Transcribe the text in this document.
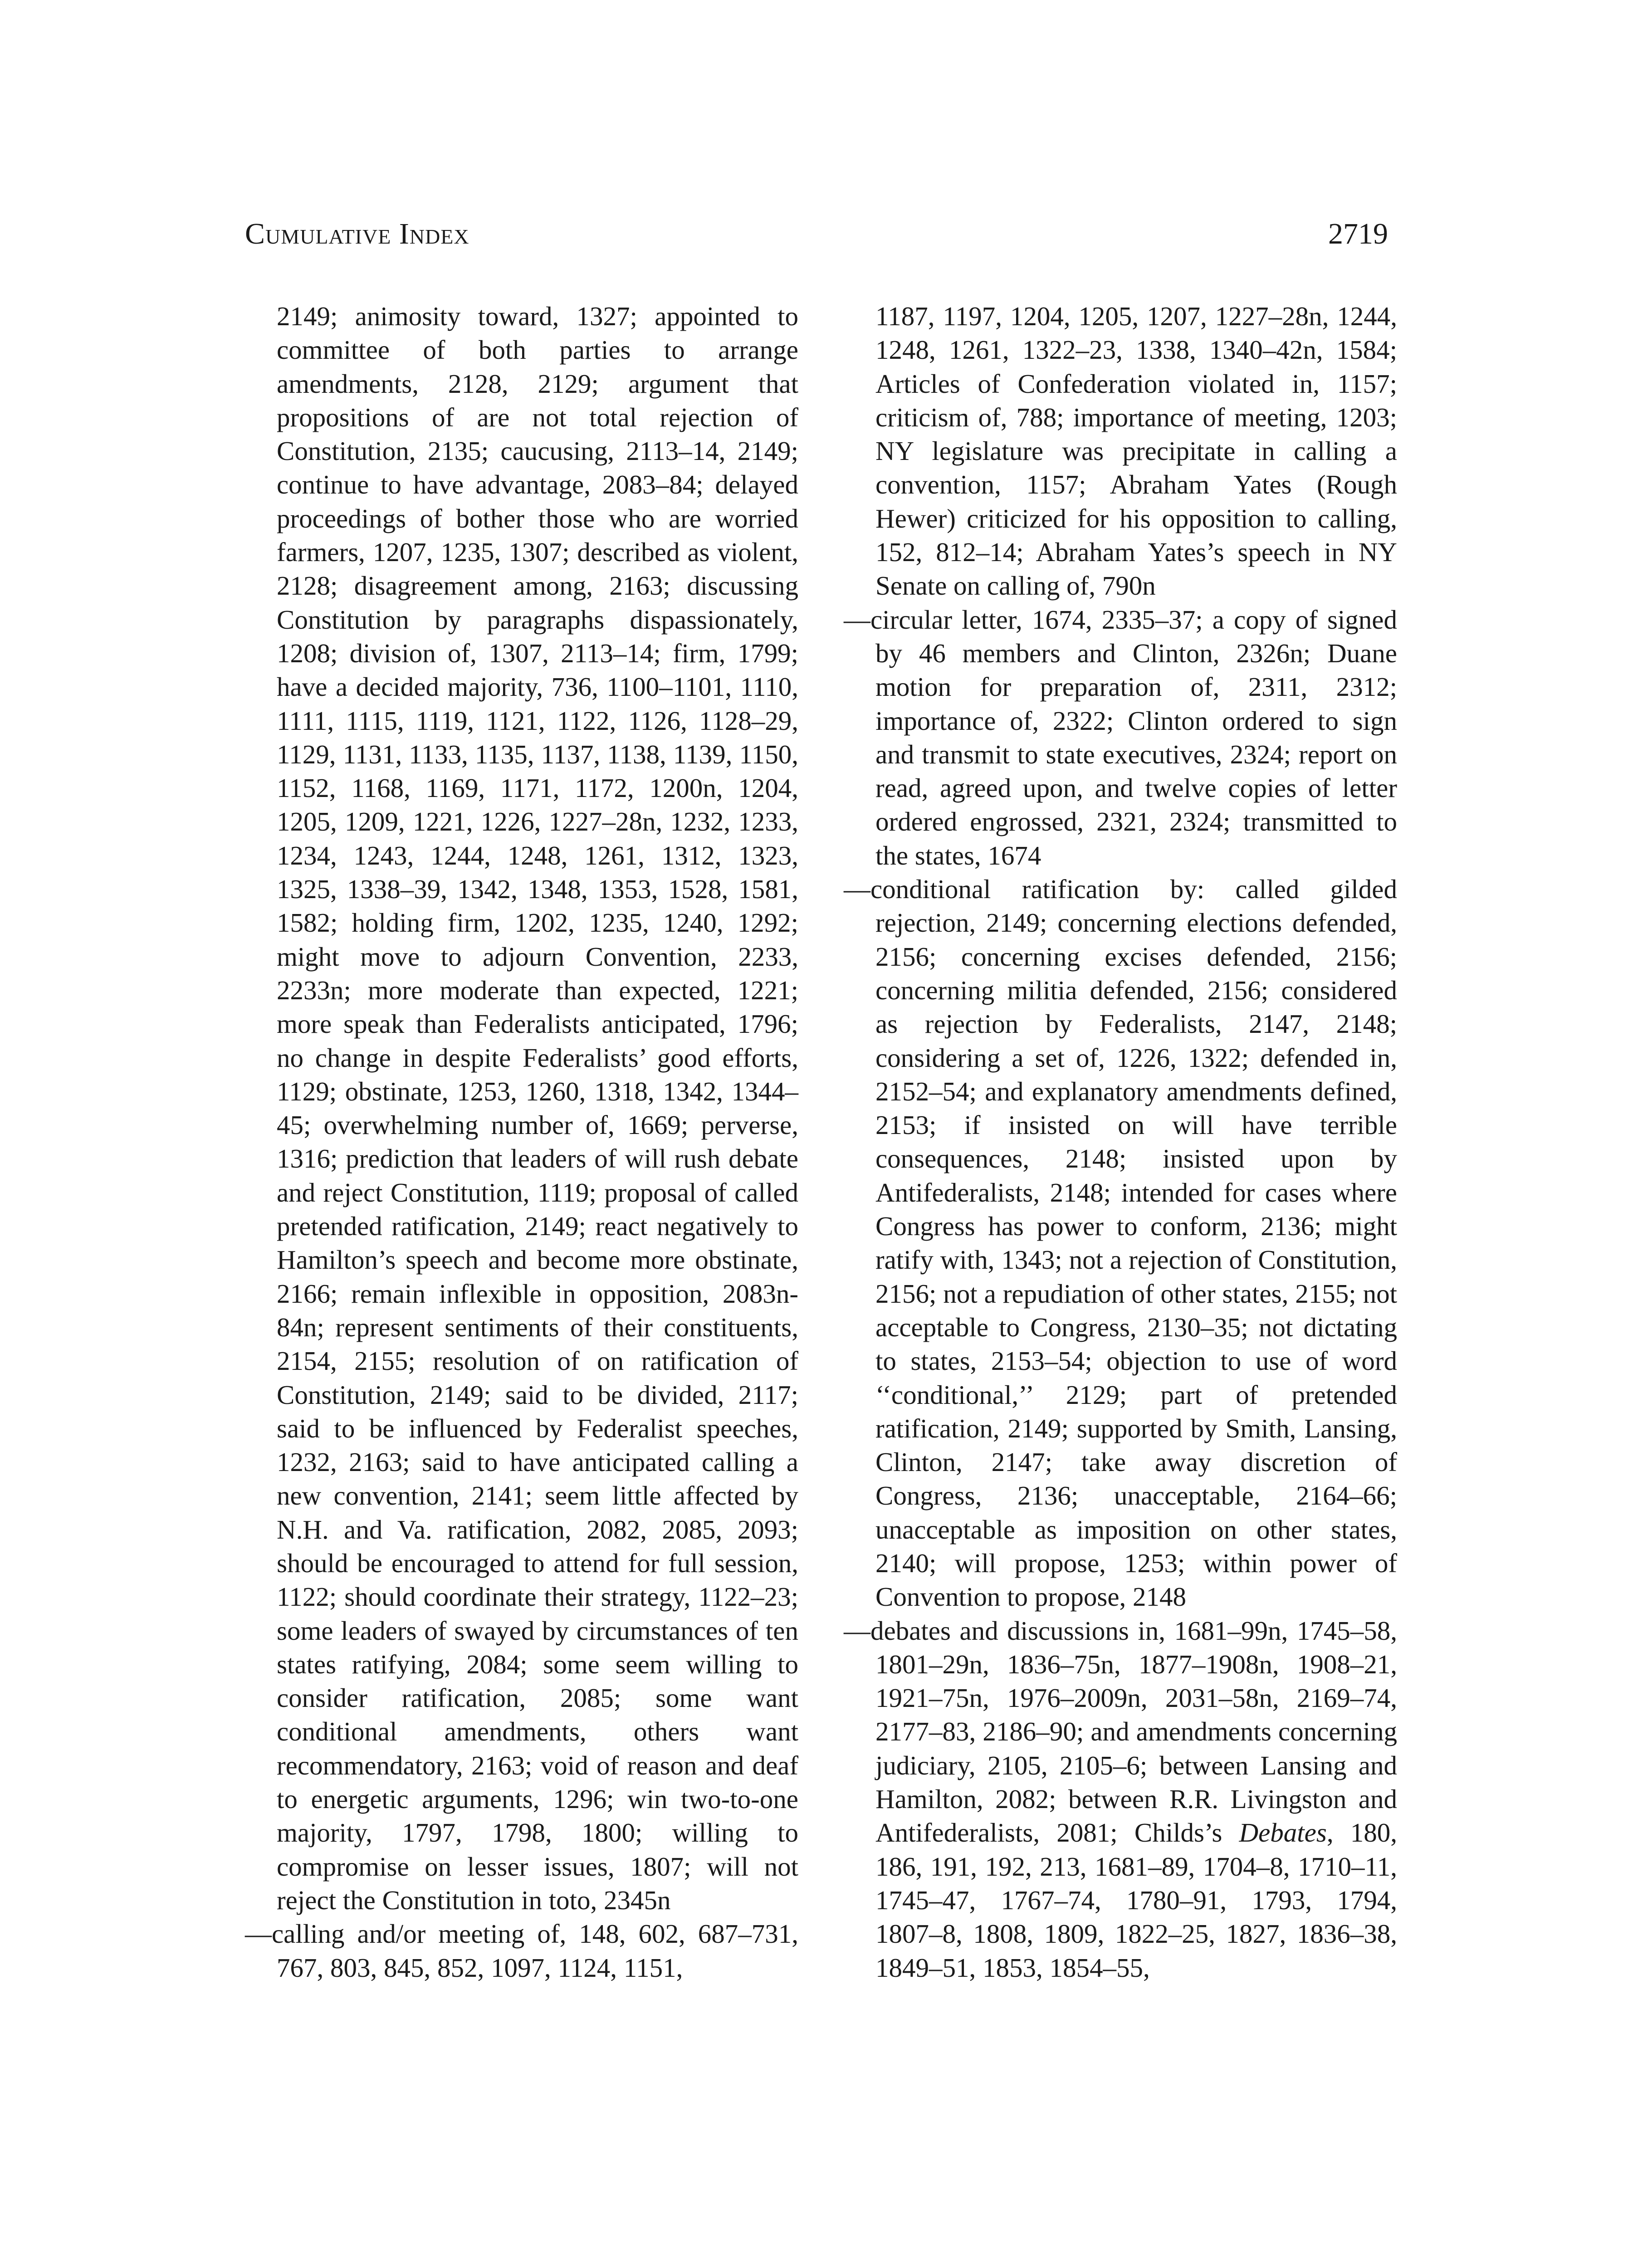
Cumulative Index	2719

2149; animosity toward, 1327; appointed to committee of both parties to arrange amendments, 2128, 2129; argument that propositions of are not total rejection of Constitution, 2135; caucusing, 2113–14, 2149; continue to have advantage, 2083–84; delayed proceedings of bother those who are worried farmers, 1207, 1235, 1307; described as violent, 2128; disagreement among, 2163; discussing Constitution by paragraphs dispassionately, 1208; division of, 1307, 2113–14; firm, 1799; have a decided majority, 736, 1100–1101, 1110, 1111, 1115, 1119, 1121, 1122, 1126, 1128–29, 1129, 1131, 1133, 1135, 1137, 1138, 1139, 1150, 1152, 1168, 1169, 1171, 1172, 1200n, 1204, 1205, 1209, 1221, 1226, 1227–28n, 1232, 1233, 1234, 1243, 1244, 1248, 1261, 1312, 1323, 1325, 1338–39, 1342, 1348, 1353, 1528, 1581, 1582; holding firm, 1202, 1235, 1240, 1292; might move to adjourn Convention, 2233, 2233n; more moderate than expected, 1221; more speak than Federalists anticipated, 1796; no change in despite Federalists’ good efforts, 1129; obstinate, 1253, 1260, 1318, 1342, 1344–45; overwhelming number of, 1669; perverse, 1316; prediction that leaders of will rush debate and reject Constitution, 1119; proposal of called pretended ratification, 2149; react negatively to Hamilton’s speech and become more obstinate, 2166; remain inflexible in opposition, 2083n-84n; represent sentiments of their constituents, 2154, 2155; resolution of on ratification of Constitution, 2149; said to be divided, 2117; said to be influenced by Federalist speeches, 1232, 2163; said to have anticipated calling a new convention, 2141; seem little affected by N.H. and Va. ratification, 2082, 2085, 2093; should be encouraged to attend for full session, 1122; should coordinate their strategy, 1122–23; some leaders of swayed by circumstances of ten states ratifying, 2084; some seem willing to consider ratification, 2085; some want conditional amendments, others want recommendatory, 2163; void of reason and deaf to energetic arguments, 1296; win two-to-one majority, 1797, 1798, 1800; willing to compromise on lesser issues, 1807; will not reject the Constitution in toto, 2345n

—calling and/or meeting of, 148, 602, 687–731, 767, 803, 845, 852, 1097, 1124, 1151,

1187, 1197, 1204, 1205, 1207, 1227–28n, 1244, 1248, 1261, 1322–23, 1338, 1340–42n, 1584; Articles of Confederation violated in, 1157; criticism of, 788; importance of meeting, 1203; NY legislature was precipitate in calling a convention, 1157; Abraham Yates (Rough Hewer) criticized for his opposition to calling, 152, 812–14; Abraham Yates’s speech in NY Senate on calling of, 790n

—circular letter, 1674, 2335–37; a copy of signed by 46 members and Clinton, 2326n; Duane motion for preparation of, 2311, 2312; importance of, 2322; Clinton ordered to sign and transmit to state executives, 2324; report on read, agreed upon, and twelve copies of letter ordered engrossed, 2321, 2324; transmitted to the states, 1674

—conditional ratification by: called gilded rejection, 2149; concerning elections defended, 2156; concerning excises defended, 2156; concerning militia defended, 2156; considered as rejection by Federalists, 2147, 2148; considering a set of, 1226, 1322; defended in, 2152–54; and explanatory amendments defined, 2153; if insisted on will have terrible consequences, 2148; insisted upon by Antifederalists, 2148; intended for cases where Congress has power to conform, 2136; might ratify with, 1343; not a rejection of Constitution, 2156; not a repudiation of other states, 2155; not acceptable to Congress, 2130–35; not dictating to states, 2153–54; objection to use of word ‘‘conditional,’’ 2129; part of pretended ratification, 2149; supported by Smith, Lansing, Clinton, 2147; take away discretion of Congress, 2136; unacceptable, 2164–66; unacceptable as imposition on other states, 2140; will propose, 1253; within power of Convention to propose, 2148

—debates and discussions in, 1681–99n, 1745–58, 1801–29n, 1836–75n, 1877–1908n, 1908–21, 1921–75n, 1976–2009n, 2031–58n, 2169–74, 2177–83, 2186–90; and amendments concerning judiciary, 2105, 2105–6; between Lansing and Hamilton, 2082; between R.R. Livingston and Antifederalists, 2081; Childs’s Debates, 180, 186, 191, 192, 213, 1681–89, 1704–8, 1710–11, 1745–47, 1767–74, 1780–91, 1793, 1794, 1807–8, 1808, 1809, 1822–25, 1827, 1836–38, 1849–51, 1853, 1854–55,
